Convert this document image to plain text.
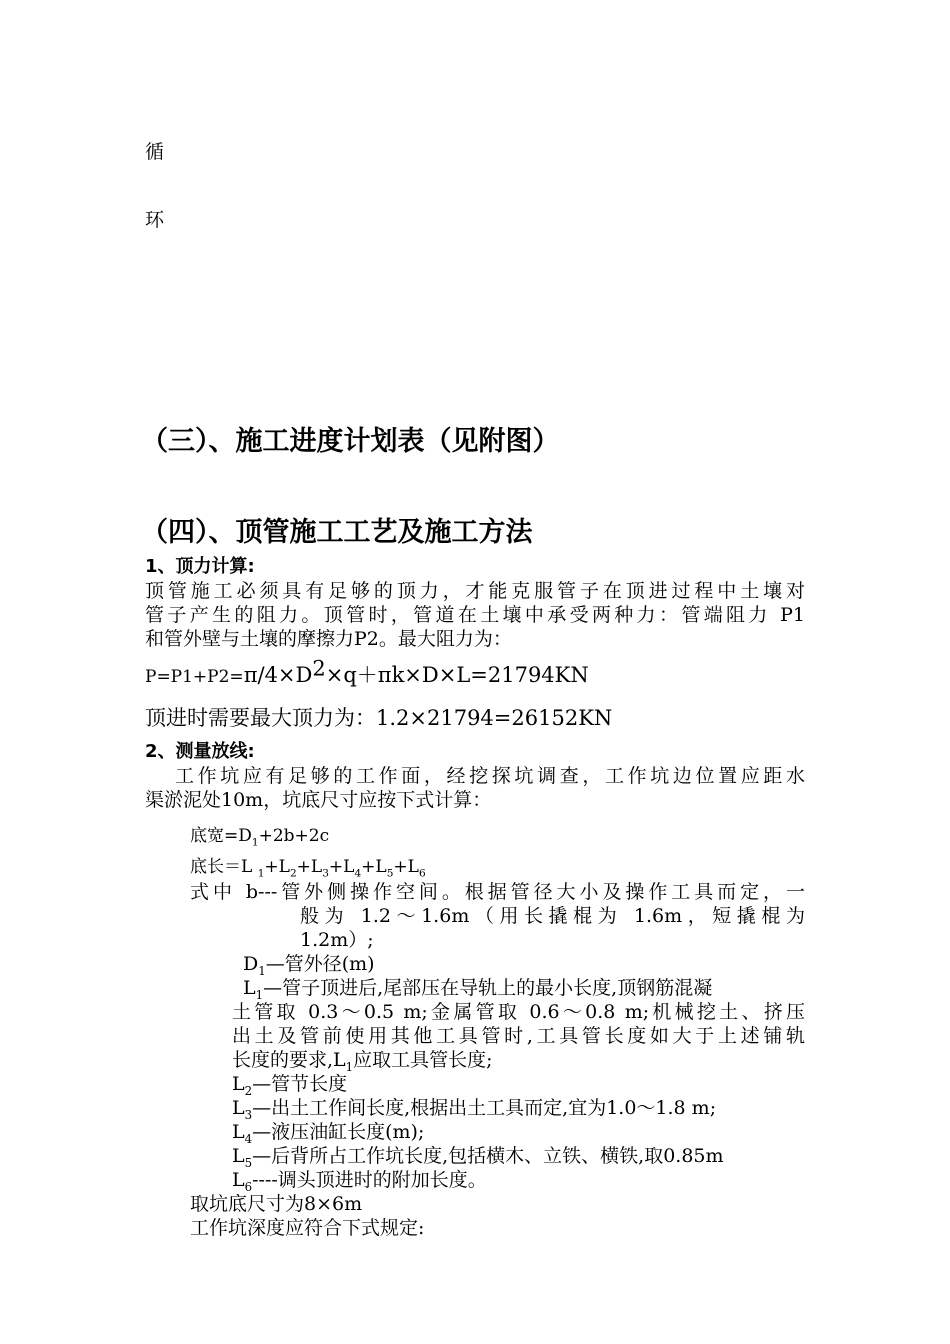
循
环
（三）、施工进度计划表（见附图）
（四）、顶管施工工艺及施工方法
1、顶力计算:
顶管施工必须具有足够的顶力，才能克服管子在顶进过程中土壤对
管子产生的阻力。顶管时，管道在土壤中承受两种力：管端阻力 P1
和管外壁与土壤的摩擦力P2。最大阻力为：
$P=P1+P2=\pi/4\times D^2\times q+\pi k\times D\times L=21794KN$
顶进时需要最大顶力为：1.2×21794=26152KN
2、测量放线:
工作坑应有足够的工作面，经挖探坑调查，工作坑边位置应距水
渠淤泥处10m，坑底尺寸应按下式计算：
底宽$=D_1+2b+2c$
底长＝L $_1+L_2+L_3+L_4+L_5+L_6$
式中 b---管外侧操作空间。根据管径大小及操作工具而定，一
般为 1.2～1.6m（用长撬棍为 1.6m，短撬棍为
1.2m）;
$D_1—$管外径(m)
$L_1—$管子顶进后,尾部压在导轨上的最小长度,顶钢筋混凝
土管取 0.3～0.5 m;金属管取 0.6～0.8 m;机械挖土、挤压
出土及管前使用其他工具管时,工具管长度如大于上述铺轨
长度的要求$,L_1$应取工具管长度;
$L_2—$管节长度
$L_3—$出土工作间长度,根据出土工具而定,宜为1.0～1.8 m;
$L_4—$液压油缸长度(m);
$L_5—$后背所占工作坑长度,包括横木、立铁、横铁,取0.85m
$L_6----$调头顶进时的附加长度。
取坑底尺寸为8×6m
工作坑深度应符合下式规定:
